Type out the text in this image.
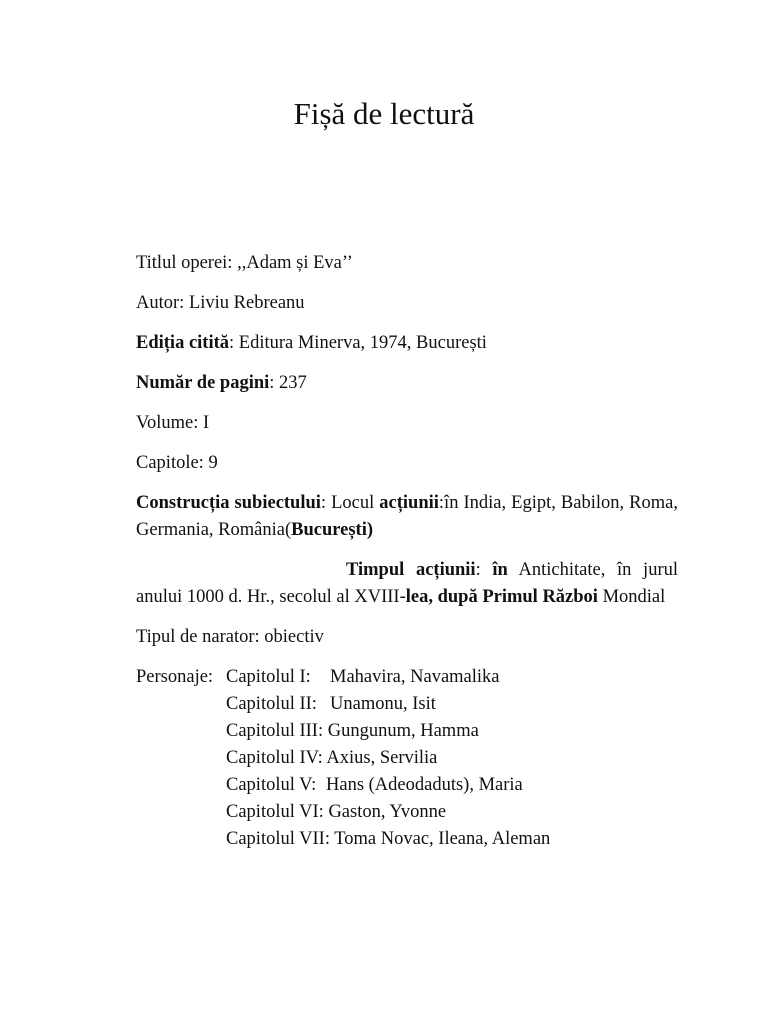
Fișă de lectură

Titlul operei: ,,Adam și Eva’’

Autor: Liviu Rebreanu

Ediția citită: Editura Minerva, 1974, București

Număr de pagini: 237

Volume: I

Capitole: 9

Construcția subiectului: Locul acțiunii:în India, Egipt, Babilon, Roma, Germania, România(București)

Timpul acțiunii: în Antichitate, în jurul anului 1000 d. Hr., secolul al XVIII-lea, după Primul Război Mondial

Tipul de narator: obiectiv

Personaje: Capitolul I: Mahavira, Navamalika
Capitolul II: Unamonu, Isit
Capitolul III: Gungunum, Hamma
Capitolul IV: Axius, Servilia
Capitolul V: Hans (Adeodaduts), Maria
Capitolul VI: Gaston, Yvonne
Capitolul VII: Toma Novac, Ileana, Aleman
